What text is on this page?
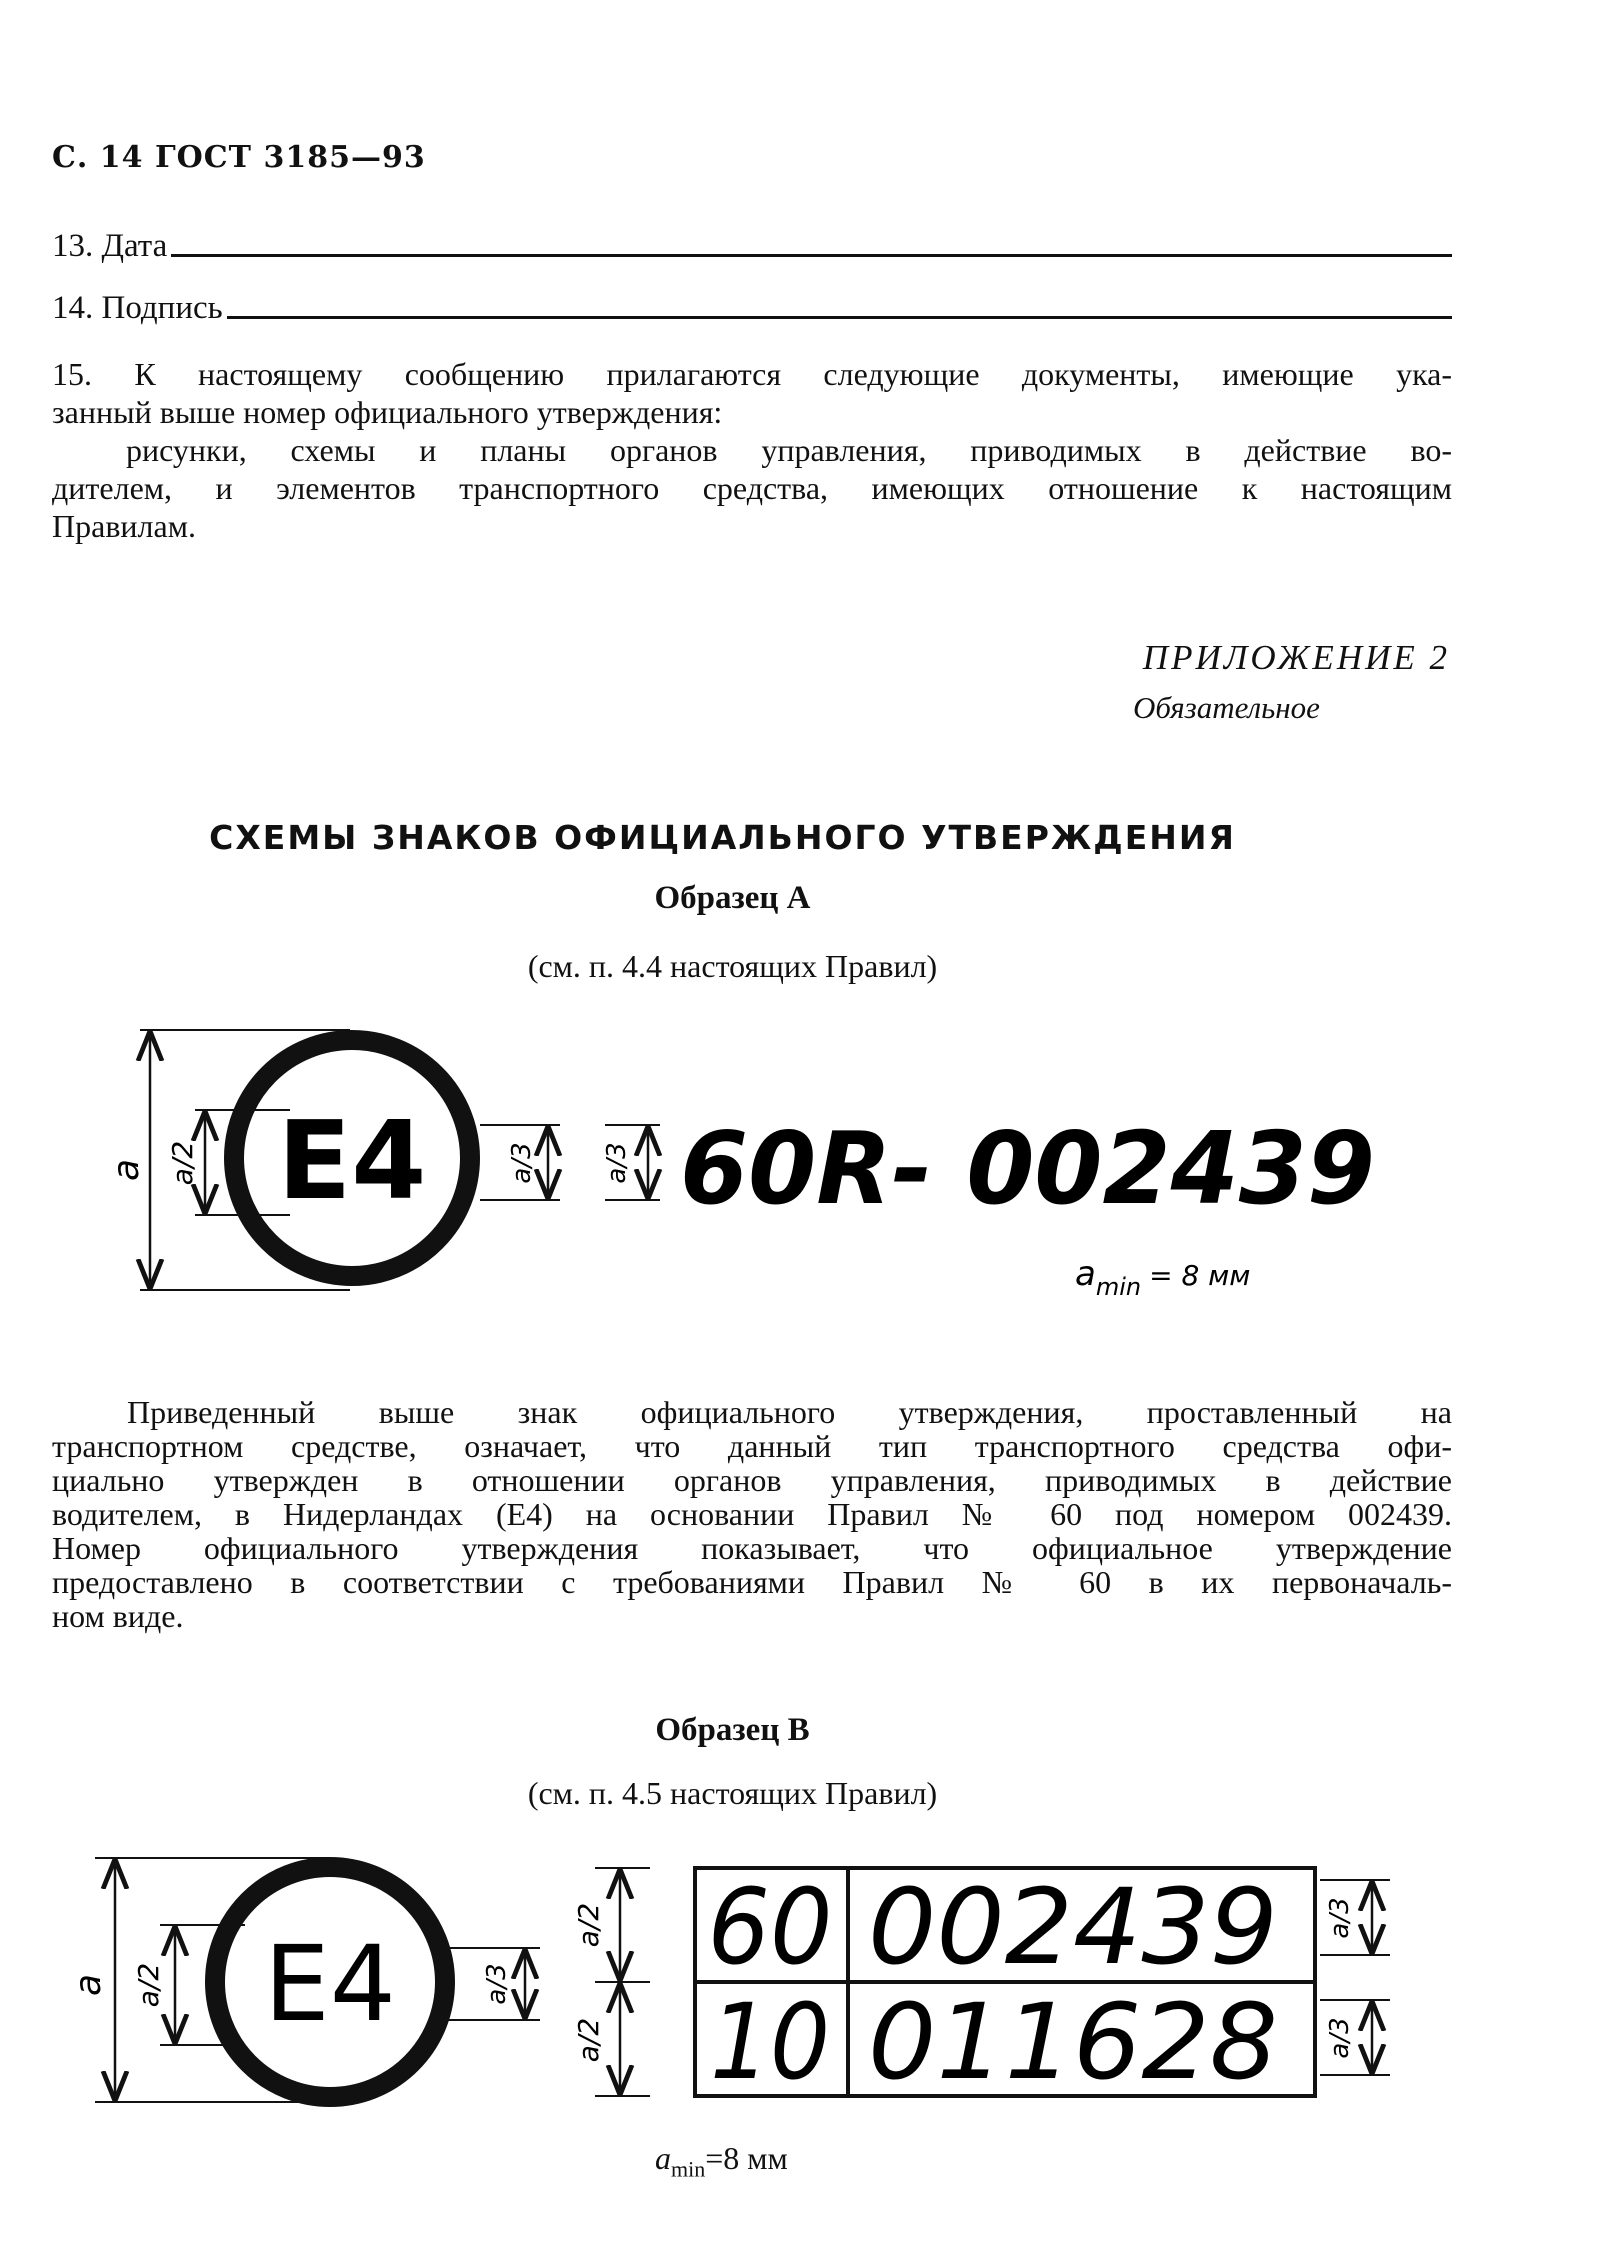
С. 14 ГОСТ 3185—93
13. Дата
14. Подпись
15. К настоящему сообщению прилагаются следующие документы, имеющие ука-
занный выше номер официального утверждения:
рисунки, схемы и планы органов управления, приводимых в действие во-
дителем, и элементов транспортного средства, имеющих отношение к настоящим
Правилам.
ПРИЛОЖЕНИЕ 2
Обязательное
СХЕМЫ ЗНАКОВ ОФИЦИАЛЬНОГО УТВЕРЖДЕНИЯ
Образец А
(см. п. 4.4 настоящих Правил)
a a/2 E4	a/3	a/3 60R- 002439
$a_{min}$ $^{= 8 мм}$
Приведенный выше знак официального утверждения, проставленный на
транспортном средстве, означает, что данный тип транспортного средства офи-
циально утвержден в отношении органов управления, приводимых в действие
водителем, в Нидерландах (Е4) на основании Правил № 60 под номером 002439.
Номер официального утверждения показывает, что официальное утверждение
предоставлено в соответствии с требованиями Правил № 60 в их первоначаль-
ном виде.
Образец В
(см. п. 4.5 настоящих Правил)
a a/2 E4	a/3
a/2
a/2
60 002439
10 011628
a/3
a/3
$a_{min}=8$ мм
